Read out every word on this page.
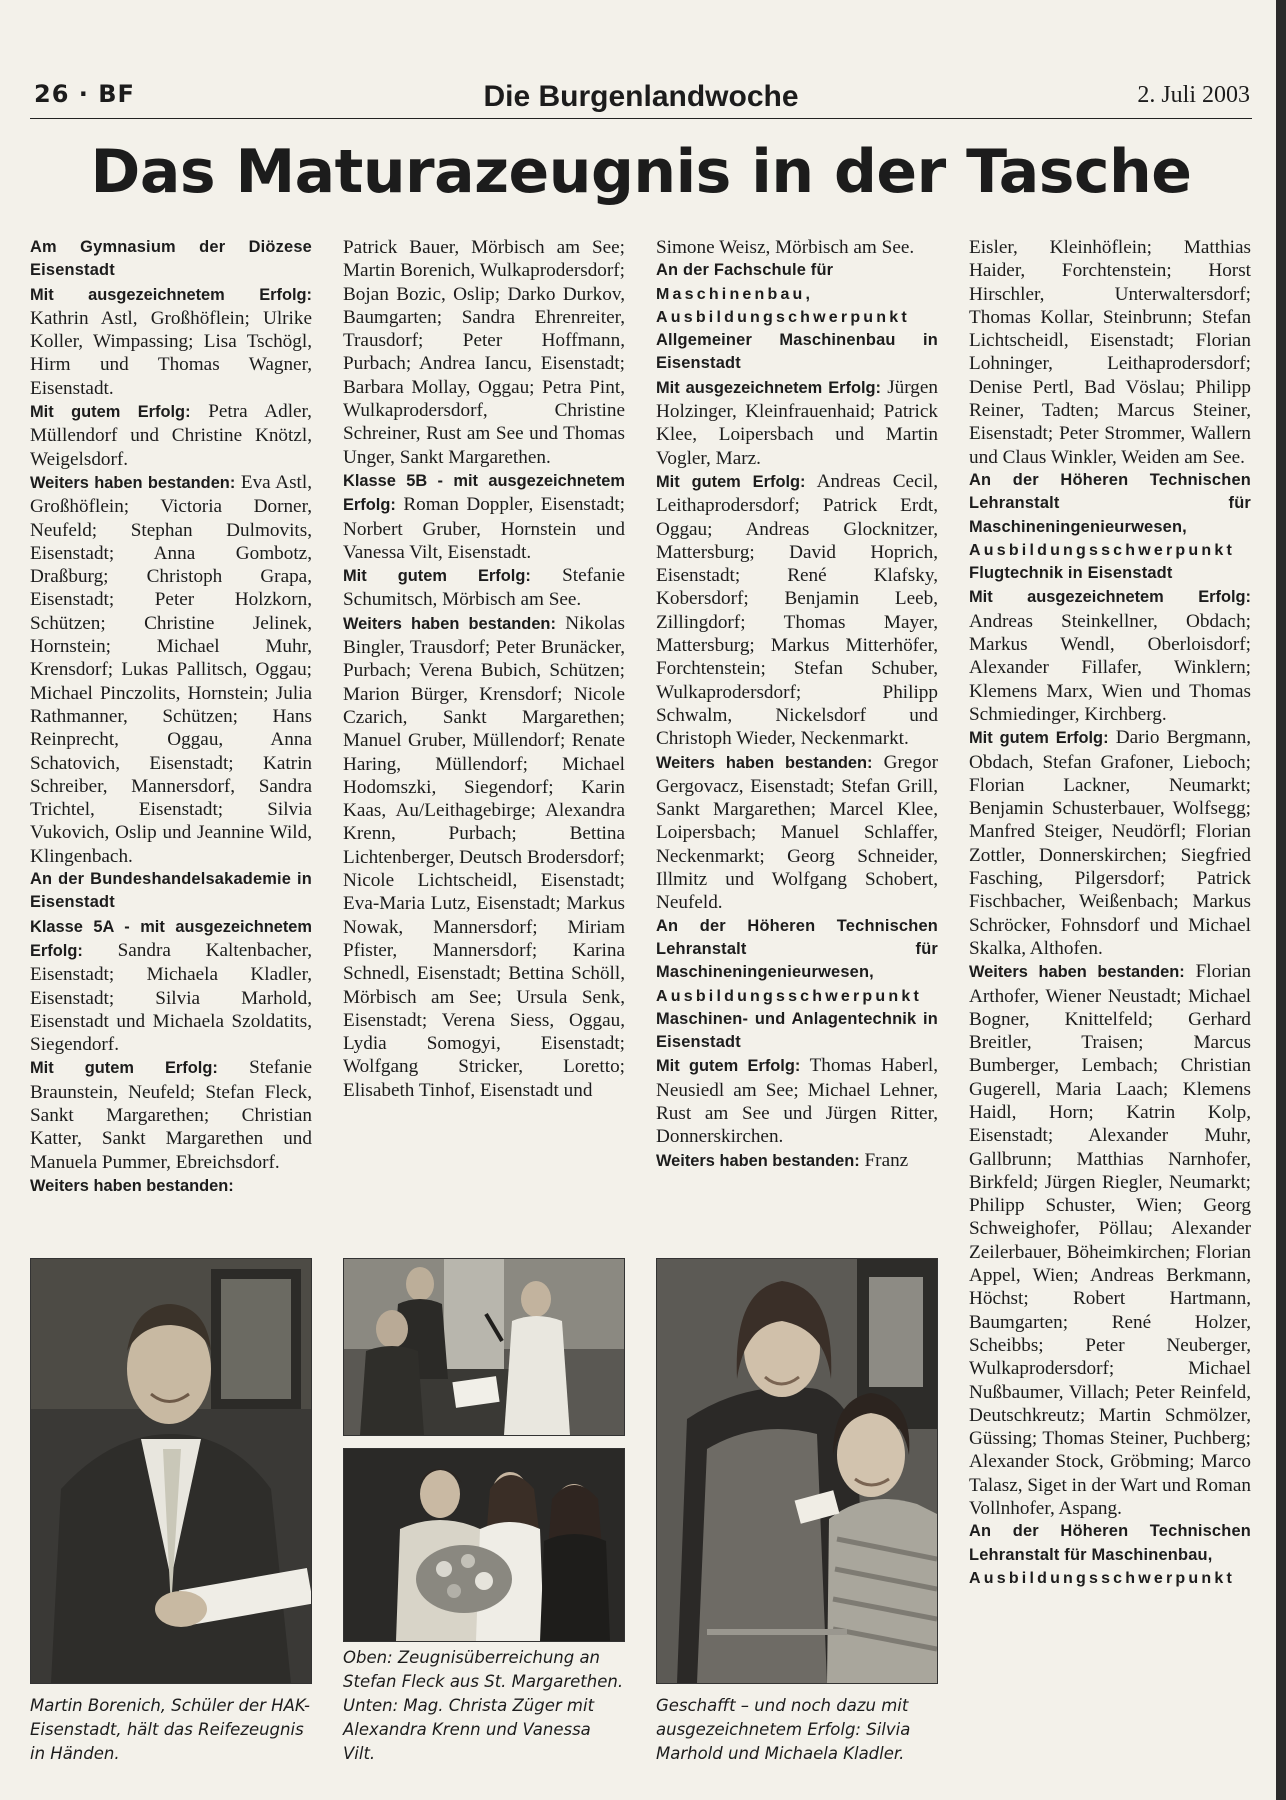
26 · BF	Die Burgenlandwoche	2. Juli 2003
Das Maturazeugnis in der Tasche

Am Gymnasium der Diözese Eisenstadt

Mit ausgezeichnetem Erfolg: Kathrin Astl, Großhöflein; Ulrike Koller, Wimpassing; Lisa Tschögl, Hirm und Thomas Wagner, Eisenstadt.

Mit gutem Erfolg: Petra Adler, Müllendorf und Christine Knötzl, Weigelsdorf.

Weiters haben bestanden: Eva Astl, Großhöflein; Victoria Dorner, Neufeld; Stephan Dulmovits, Eisenstadt; Anna Gombotz, Draßburg; Christoph Grapa, Eisenstadt; Peter Holzkorn, Schützen; Christine Jelinek, Hornstein; Michael Muhr, Krensdorf; Lukas Pallitsch, Oggau; Michael Pinczolits, Hornstein; Julia Rathmanner, Schützen; Hans Reinprecht, Oggau, Anna Schatovich, Eisenstadt; Katrin Schreiber, Mannersdorf, Sandra Trichtel, Eisenstadt; Silvia Vukovich, Oslip und Jeannine Wild, Klingenbach.

An der Bundeshandelsakademie in Eisenstadt

Klasse 5A - mit ausgezeichnetem Erfolg: Sandra Kaltenbacher, Eisenstadt; Michaela Kladler, Eisenstadt; Silvia Marhold, Eisenstadt und Michaela Szoldatits, Siegendorf.

Mit gutem Erfolg: Stefanie Braunstein, Neufeld; Stefan Fleck, Sankt Margarethen; Christian Katter, Sankt Margarethen und Manuela Pummer, Ebreichsdorf.

Weiters haben bestanden:

Patrick Bauer, Mörbisch am See; Martin Borenich, Wulkaprodersdorf; Bojan Bozic, Oslip; Darko Durkov, Baumgarten; Sandra Ehrenreiter, Trausdorf; Peter Hoffmann, Purbach; Andrea Iancu, Eisenstadt; Barbara Mollay, Oggau; Petra Pint, Wulkaprodersdorf, Christine Schreiner, Rust am See und Thomas Unger, Sankt Margarethen.

Klasse 5B - mit ausgezeichnetem Erfolg: Roman Doppler, Eisenstadt; Norbert Gruber, Hornstein und Vanessa Vilt, Eisenstadt.

Mit gutem Erfolg: Stefanie Schumitsch, Mörbisch am See.

Weiters haben bestanden: Nikolas Bingler, Trausdorf; Peter Brunäcker, Purbach; Verena Bubich, Schützen; Marion Bürger, Krensdorf; Nicole Czarich, Sankt Margarethen; Manuel Gruber, Müllendorf; Renate Haring, Müllendorf; Michael Hodomszki, Siegendorf; Karin Kaas, Au/Leithagebirge; Alexandra Krenn, Purbach; Bettina Lichtenberger, Deutsch Brodersdorf; Nicole Lichtscheidl, Eisenstadt; Eva-Maria Lutz, Eisenstadt; Markus Nowak, Mannersdorf; Miriam Pfister, Mannersdorf; Karina Schnedl, Eisenstadt; Bettina Schöll, Mörbisch am See; Ursula Senk, Eisenstadt; Verena Siess, Oggau, Lydia Somogyi, Eisenstadt; Wolfgang Stricker, Loretto; Elisabeth Tinhof, Eisenstadt und

Simone Weisz, Mörbisch am See.

An der Fachschule für

Maschinenbau, Ausbildungschwerpunkt

Allgemeiner Maschinenbau in Eisenstadt

Mit ausgezeichnetem Erfolg: Jürgen Holzinger, Kleinfrauenhaid; Patrick Klee, Loipersbach und Martin Vogler, Marz.

Mit gutem Erfolg: Andreas Cecil, Leithaprodersdorf; Patrick Erdt, Oggau; Andreas Glocknitzer, Mattersburg; David Hoprich, Eisenstadt; René Klafsky, Kobersdorf; Benjamin Leeb, Zillingdorf; Thomas Mayer, Mattersburg; Markus Mitterhöfer, Forchtenstein; Stefan Schuber, Wulkaprodersdorf; Philipp Schwalm, Nickelsdorf und Christoph Wieder, Neckenmarkt.

Weiters haben bestanden: Gregor Gergovacz, Eisenstadt; Stefan Grill, Sankt Margarethen; Marcel Klee, Loipersbach; Manuel Schlaffer, Neckenmarkt; Georg Schneider, Illmitz und Wolfgang Schobert, Neufeld.

An der Höheren Technischen Lehranstalt für Maschineningenieurwesen,

Ausbildungsschwerpunkt

Maschinen- und Anlagentechnik in Eisenstadt

Mit gutem Erfolg: Thomas Haberl, Neusiedl am See; Michael Lehner, Rust am See und Jürgen Ritter, Donnerskirchen.

Weiters haben bestanden: Franz

Eisler, Kleinhöflein; Matthias Haider, Forchtenstein; Horst Hirschler, Unterwaltersdorf; Thomas Kollar, Steinbrunn; Stefan Lichtscheidl, Eisenstadt; Florian Lohninger, Leithaprodersdorf; Denise Pertl, Bad Vöslau; Philipp Reiner, Tadten; Marcus Steiner, Eisenstadt; Peter Strommer, Wallern und Claus Winkler, Weiden am See.

An der Höheren Technischen Lehranstalt für Maschineningenieurwesen,

Ausbildungsschwerpunkt

Flugtechnik in Eisenstadt

Mit ausgezeichnetem Erfolg: Andreas Steinkellner, Obdach; Markus Wendl, Oberloisdorf; Alexander Fillafer, Winklern; Klemens Marx, Wien und Thomas Schmiedinger, Kirchberg.

Mit gutem Erfolg: Dario Bergmann, Obdach, Stefan Grafoner, Lieboch; Florian Lackner, Neumarkt; Benjamin Schusterbauer, Wolfsegg; Manfred Steiger, Neudörfl; Florian Zottler, Donnerskirchen; Siegfried Fasching, Pilgersdorf; Patrick Fischbacher, Weißenbach; Markus Schröcker, Fohnsdorf und Michael Skalka, Althofen.

Weiters haben bestanden: Florian Arthofer, Wiener Neustadt; Michael Bogner, Knittelfeld; Gerhard Breitler, Traisen; Marcus Bumberger, Lembach; Christian Gugerell, Maria Laach; Klemens Haidl, Horn; Katrin Kolp, Eisenstadt; Alexander Muhr, Gallbrunn; Matthias Narnhofer, Birkfeld; Jürgen Riegler, Neumarkt; Philipp Schuster, Wien; Georg Schweighofer, Pöllau; Alexander Zeilerbauer, Böheimkirchen; Florian Appel, Wien; Andreas Berkmann, Höchst; Robert Hartmann, Baumgarten; René Holzer, Scheibbs; Peter Neuberger, Wulkaprodersdorf; Michael Nußbaumer, Villach; Peter Reinfeld, Deutschkreutz; Martin Schmölzer, Güssing; Thomas Steiner, Puchberg; Alexander Stock, Gröbming; Marco Talasz, Siget in der Wart und Roman Vollnhofer, Aspang.

An der Höheren Technischen Lehranstalt für Maschinenbau,

Ausbildungsschwerpunkt

Martin Borenich, Schüler der HAK-Eisenstadt, hält das Reifezeugnis in Händen.
Oben: Zeugnisüberreichung an Stefan Fleck aus St. Margarethen. Unten: Mag. Christa Züger mit Alexandra Krenn und Vanessa Vilt.
Geschafft – und noch dazu mit ausgezeichnetem Erfolg: Silvia Marhold und Michaela Kladler.
